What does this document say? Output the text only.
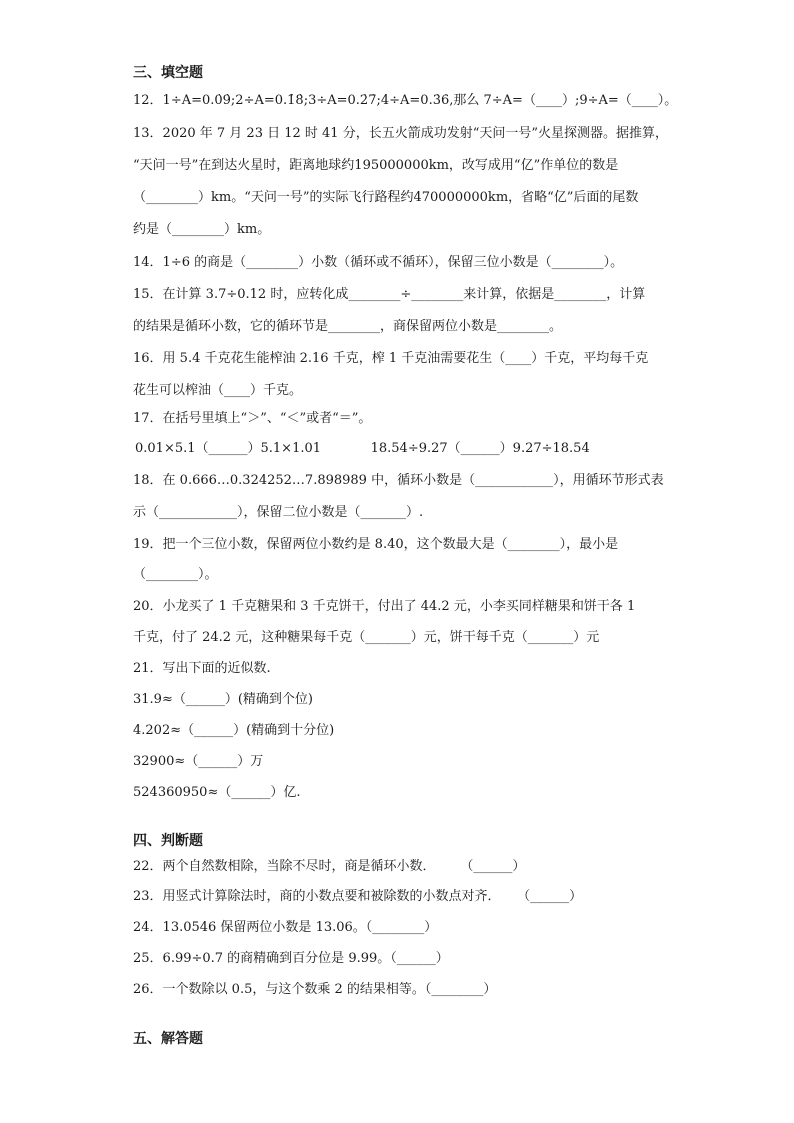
三、填空题
12．1÷A=0.0̇9̇;2÷A=0.1̇8̇;3÷A=0.2̇7̇;4÷A=0.3̇6̇,那么 7÷A=（____）;9÷A=（____）。
13．2020 年 7 月 23 日 12 时 41 分，长五火箭成功发射“天问一号”火星探测器。据推算，
“天问一号”在到达火星时，距离地球约195000000km，改写成用“亿”作单位的数是
（________）km。“天问一号”的实际飞行路程约470000000km，省略“亿”后面的尾数
约是（________）km。
14．1÷6 的商是（________）小数（循环或不循环），保留三位小数是（________）。
15．在计算 3.7÷0.12 时，应转化成________÷________来计算，依据是________，计算
的结果是循环小数，它的循环节是________，商保留两位小数是________。
16．用 5.4 千克花生能榨油 2.16 千克，榨 1 千克油需要花生（____）千克，平均每千克
花生可以榨油（____）千克。
17．在括号里填上“＞”、“＜”或者“＝”。
0.01×5.1（______）5.1×1.01            18.54÷9.27（______）9.27÷18.54
18．在 0.666…0.324252…7.898989 中，循环小数是（____________），用循环节形式表
示（____________），保留二位小数是（_______）.
19．把一个三位小数，保留两位小数约是 8.40，这个数最大是（________），最小是
（________）。
20．小龙买了 1 千克糖果和 3 千克饼干，付出了 44.2 元，小李买同样糖果和饼干各 1
千克，付了 24.2 元，这种糖果每千克（_______）元，饼干每千克（_______）元
21．写出下面的近似数.
31.9≈（______）(精确到个位)
4.202≈（______）(精确到十分位)
32900≈（______）万
524360950≈（______）亿.
四、判断题
22．两个自然数相除，当除不尽时，商是循环小数．      （______）
23．用竖式计算除法时，商的小数点要和被除数的小数点对齐．    （______）
24．13.0546 保留两位小数是 13.06。（________）
25．6.99÷0.7 的商精确到百分位是 9.99。（______）
26．一个数除以 0.5，与这个数乘 2 的结果相等。（________）
五、解答题
